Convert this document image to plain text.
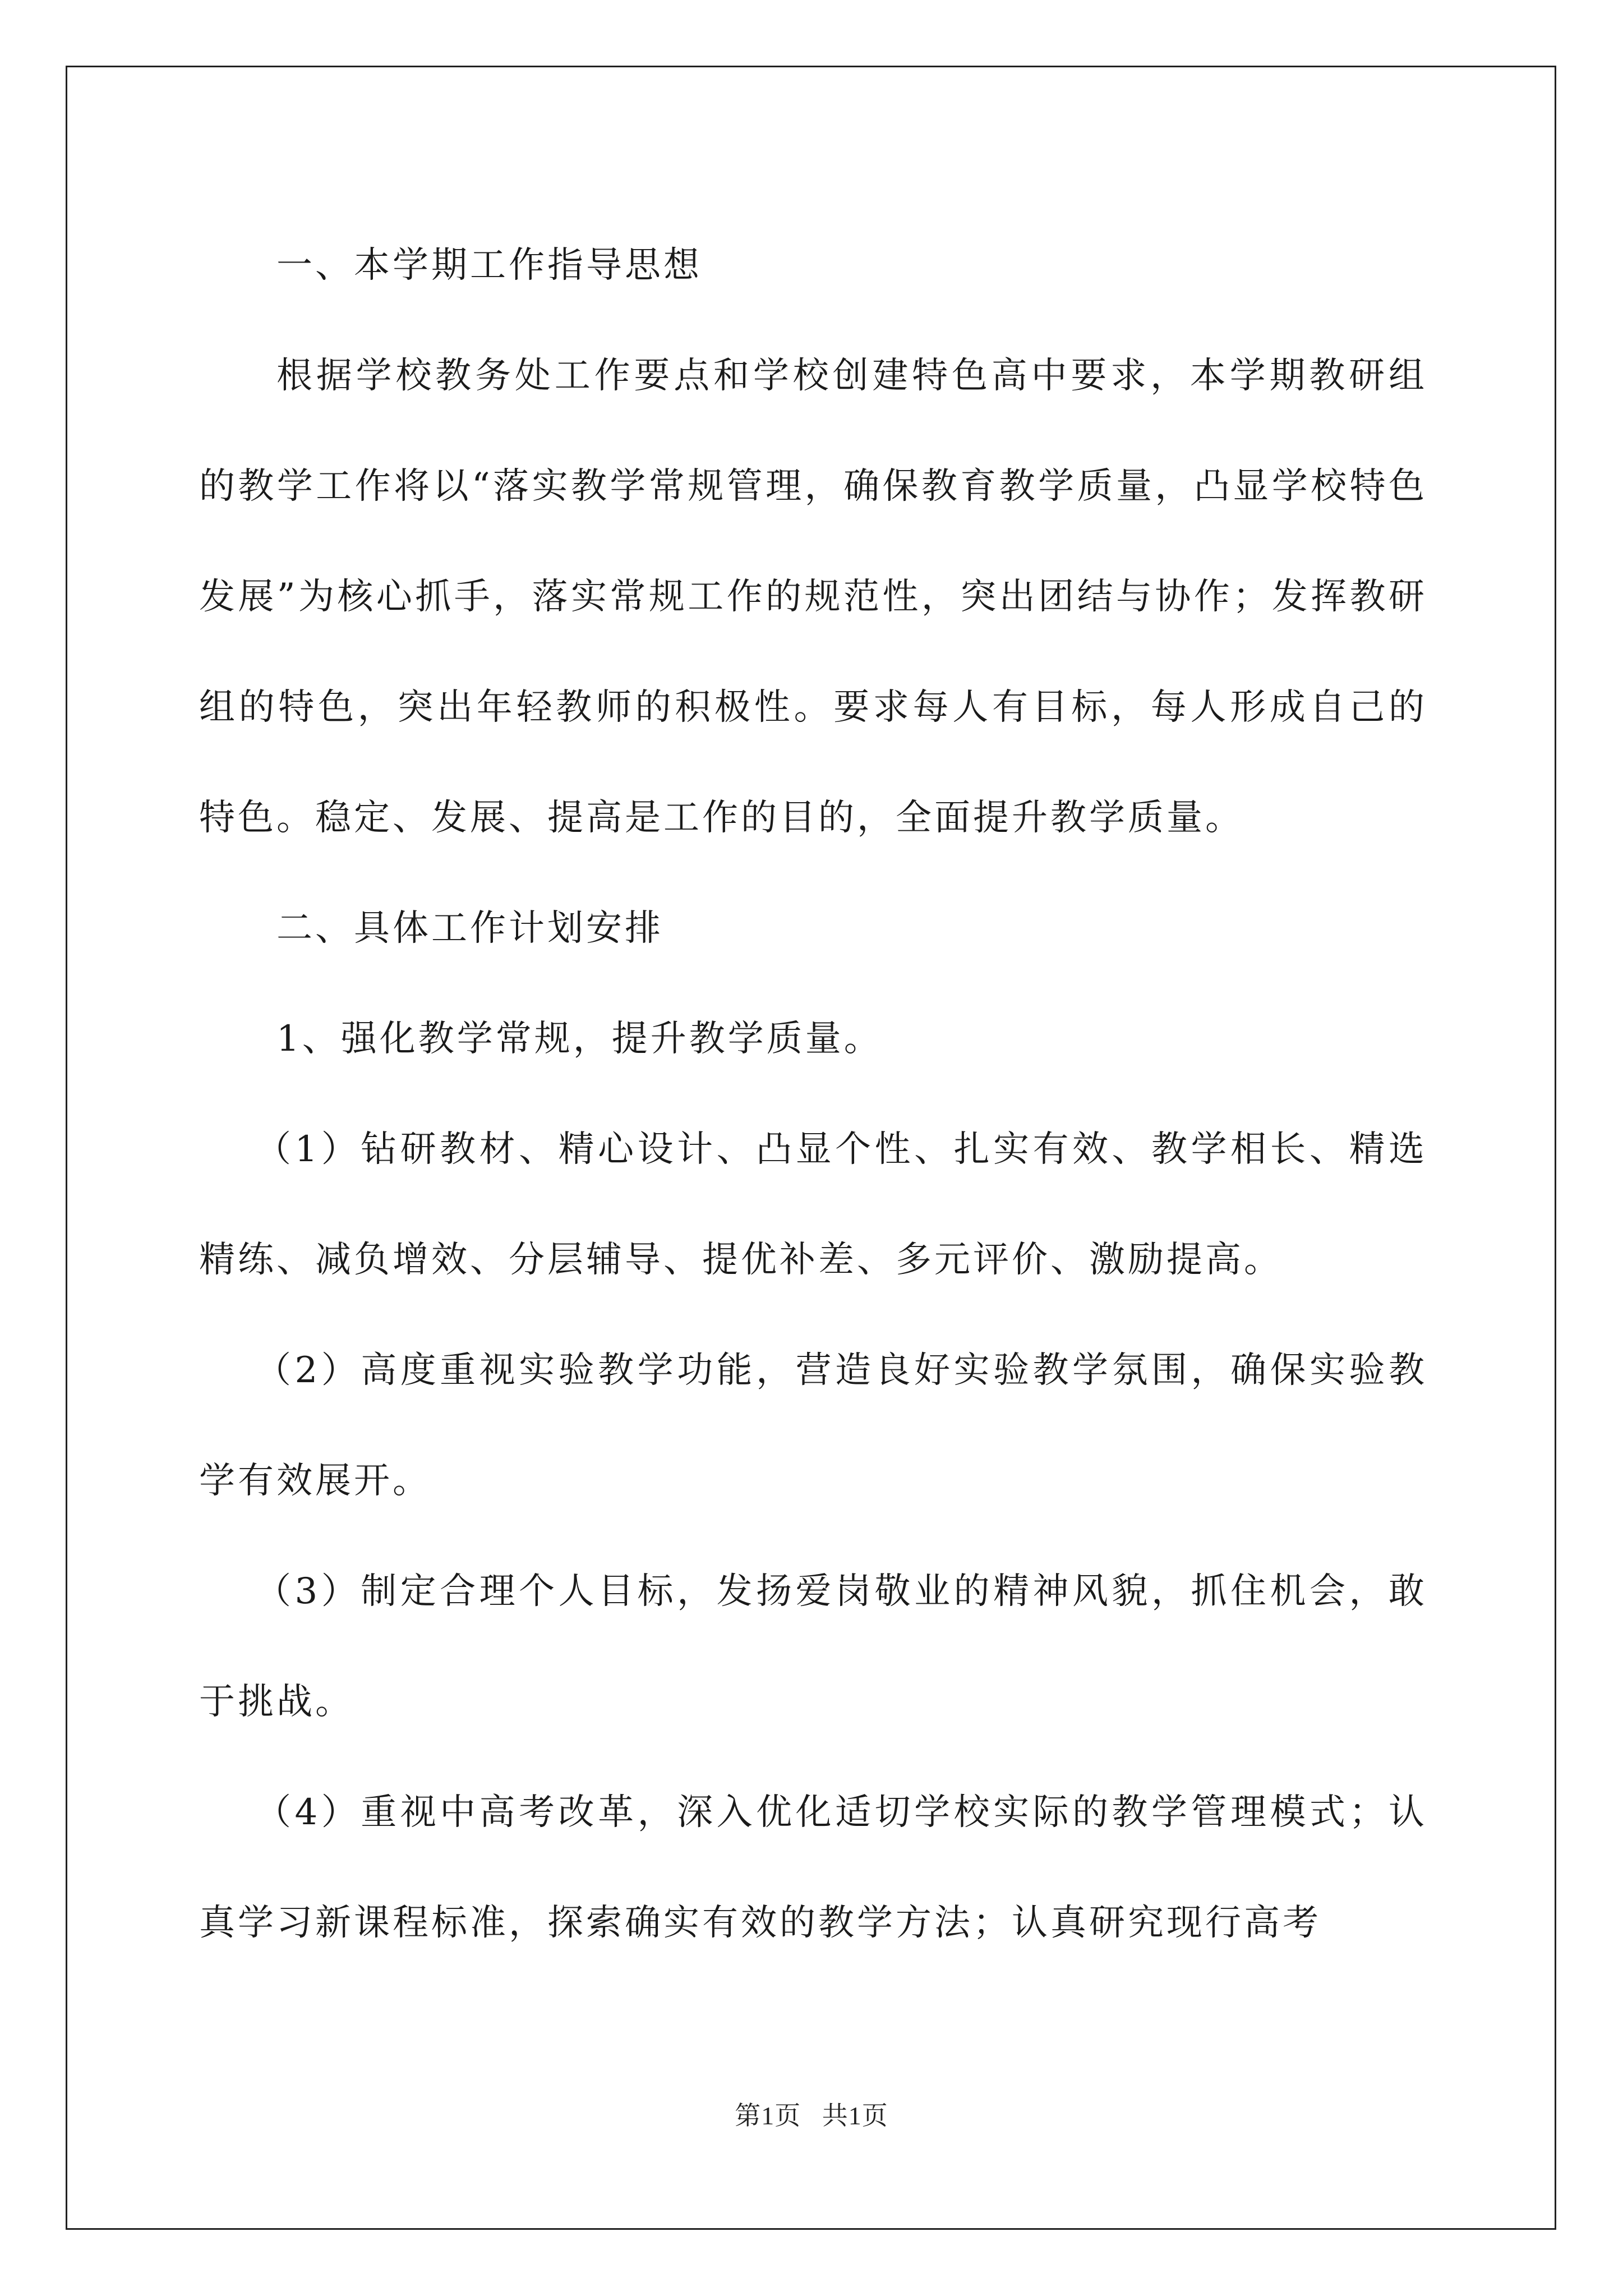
一、本学期工作指导思想

根据学校教务处工作要点和学校创建特色高中要求，本学期教研组的教学工作将以“落实教学常规管理，确保教育教学质量，凸显学校特色发展”为核心抓手，落实常规工作的规范性，突出团结与协作；发挥教研组的特色，突出年轻教师的积极性。要求每人有目标，每人形成自己的特色。稳定、发展、提高是工作的目的，全面提升教学质量。

二、具体工作计划安排

1、强化教学常规，提升教学质量。

（1）钻研教材、精心设计、凸显个性、扎实有效、教学相长、精选精练、减负增效、分层辅导、提优补差、多元评价、激励提高。

（2）高度重视实验教学功能，营造良好实验教学氛围，确保实验教学有效展开。

（3）制定合理个人目标，发扬爱岗敬业的精神风貌，抓住机会，敢于挑战。

（4）重视中高考改革，深入优化适切学校实际的教学管理模式；认真学习新课程标准，探索确实有效的教学方法；认真研究现行高考

第1页 共1页
